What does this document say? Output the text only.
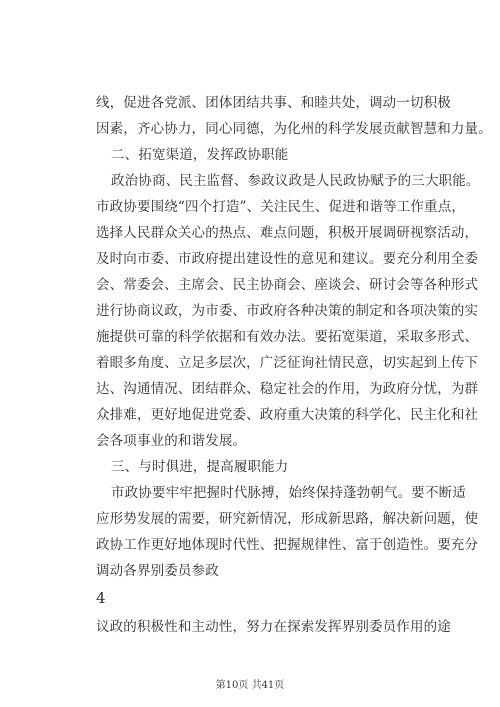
线，促进各党派、团体团结共事、和睦共处，调动一切积极
因素，齐心协力，同心同德，为化州的科学发展贡献智慧和力量。
二、拓宽渠道，发挥政协职能
政治协商、民主监督、参政议政是人民政协赋予的三大职能。
市政协要围绕“四个打造”、关注民生、促进和谐等工作重点，
选择人民群众关心的热点、难点问题，积极开展调研视察活动，
及时向市委、市政府提出建设性的意见和建议。要充分利用全委
会、常委会、主席会、民主协商会、座谈会、研讨会等各种形式
进行协商议政，为市委、市政府各种决策的制定和各项决策的实
施提供可靠的科学依据和有效办法。要拓宽渠道，采取多形式、
着眼多角度、立足多层次，广泛征询社情民意，切实起到上传下
达、沟通情况、团结群众、稳定社会的作用，为政府分忧，为群
众排难，更好地促进党委、政府重大决策的科学化、民主化和社
会各项事业的和谐发展。
三、与时俱进，提高履职能力
市政协要牢牢把握时代脉搏，始终保持蓬勃朝气。要不断适
应形势发展的需要，研究新情况，形成新思路，解决新问题，使
政协工作更好地体现时代性、把握规律性、富于创造性。要充分
调动各界别委员参政
4
议政的积极性和主动性，努力在探索发挥界别委员作用的途
第10页 共41页
